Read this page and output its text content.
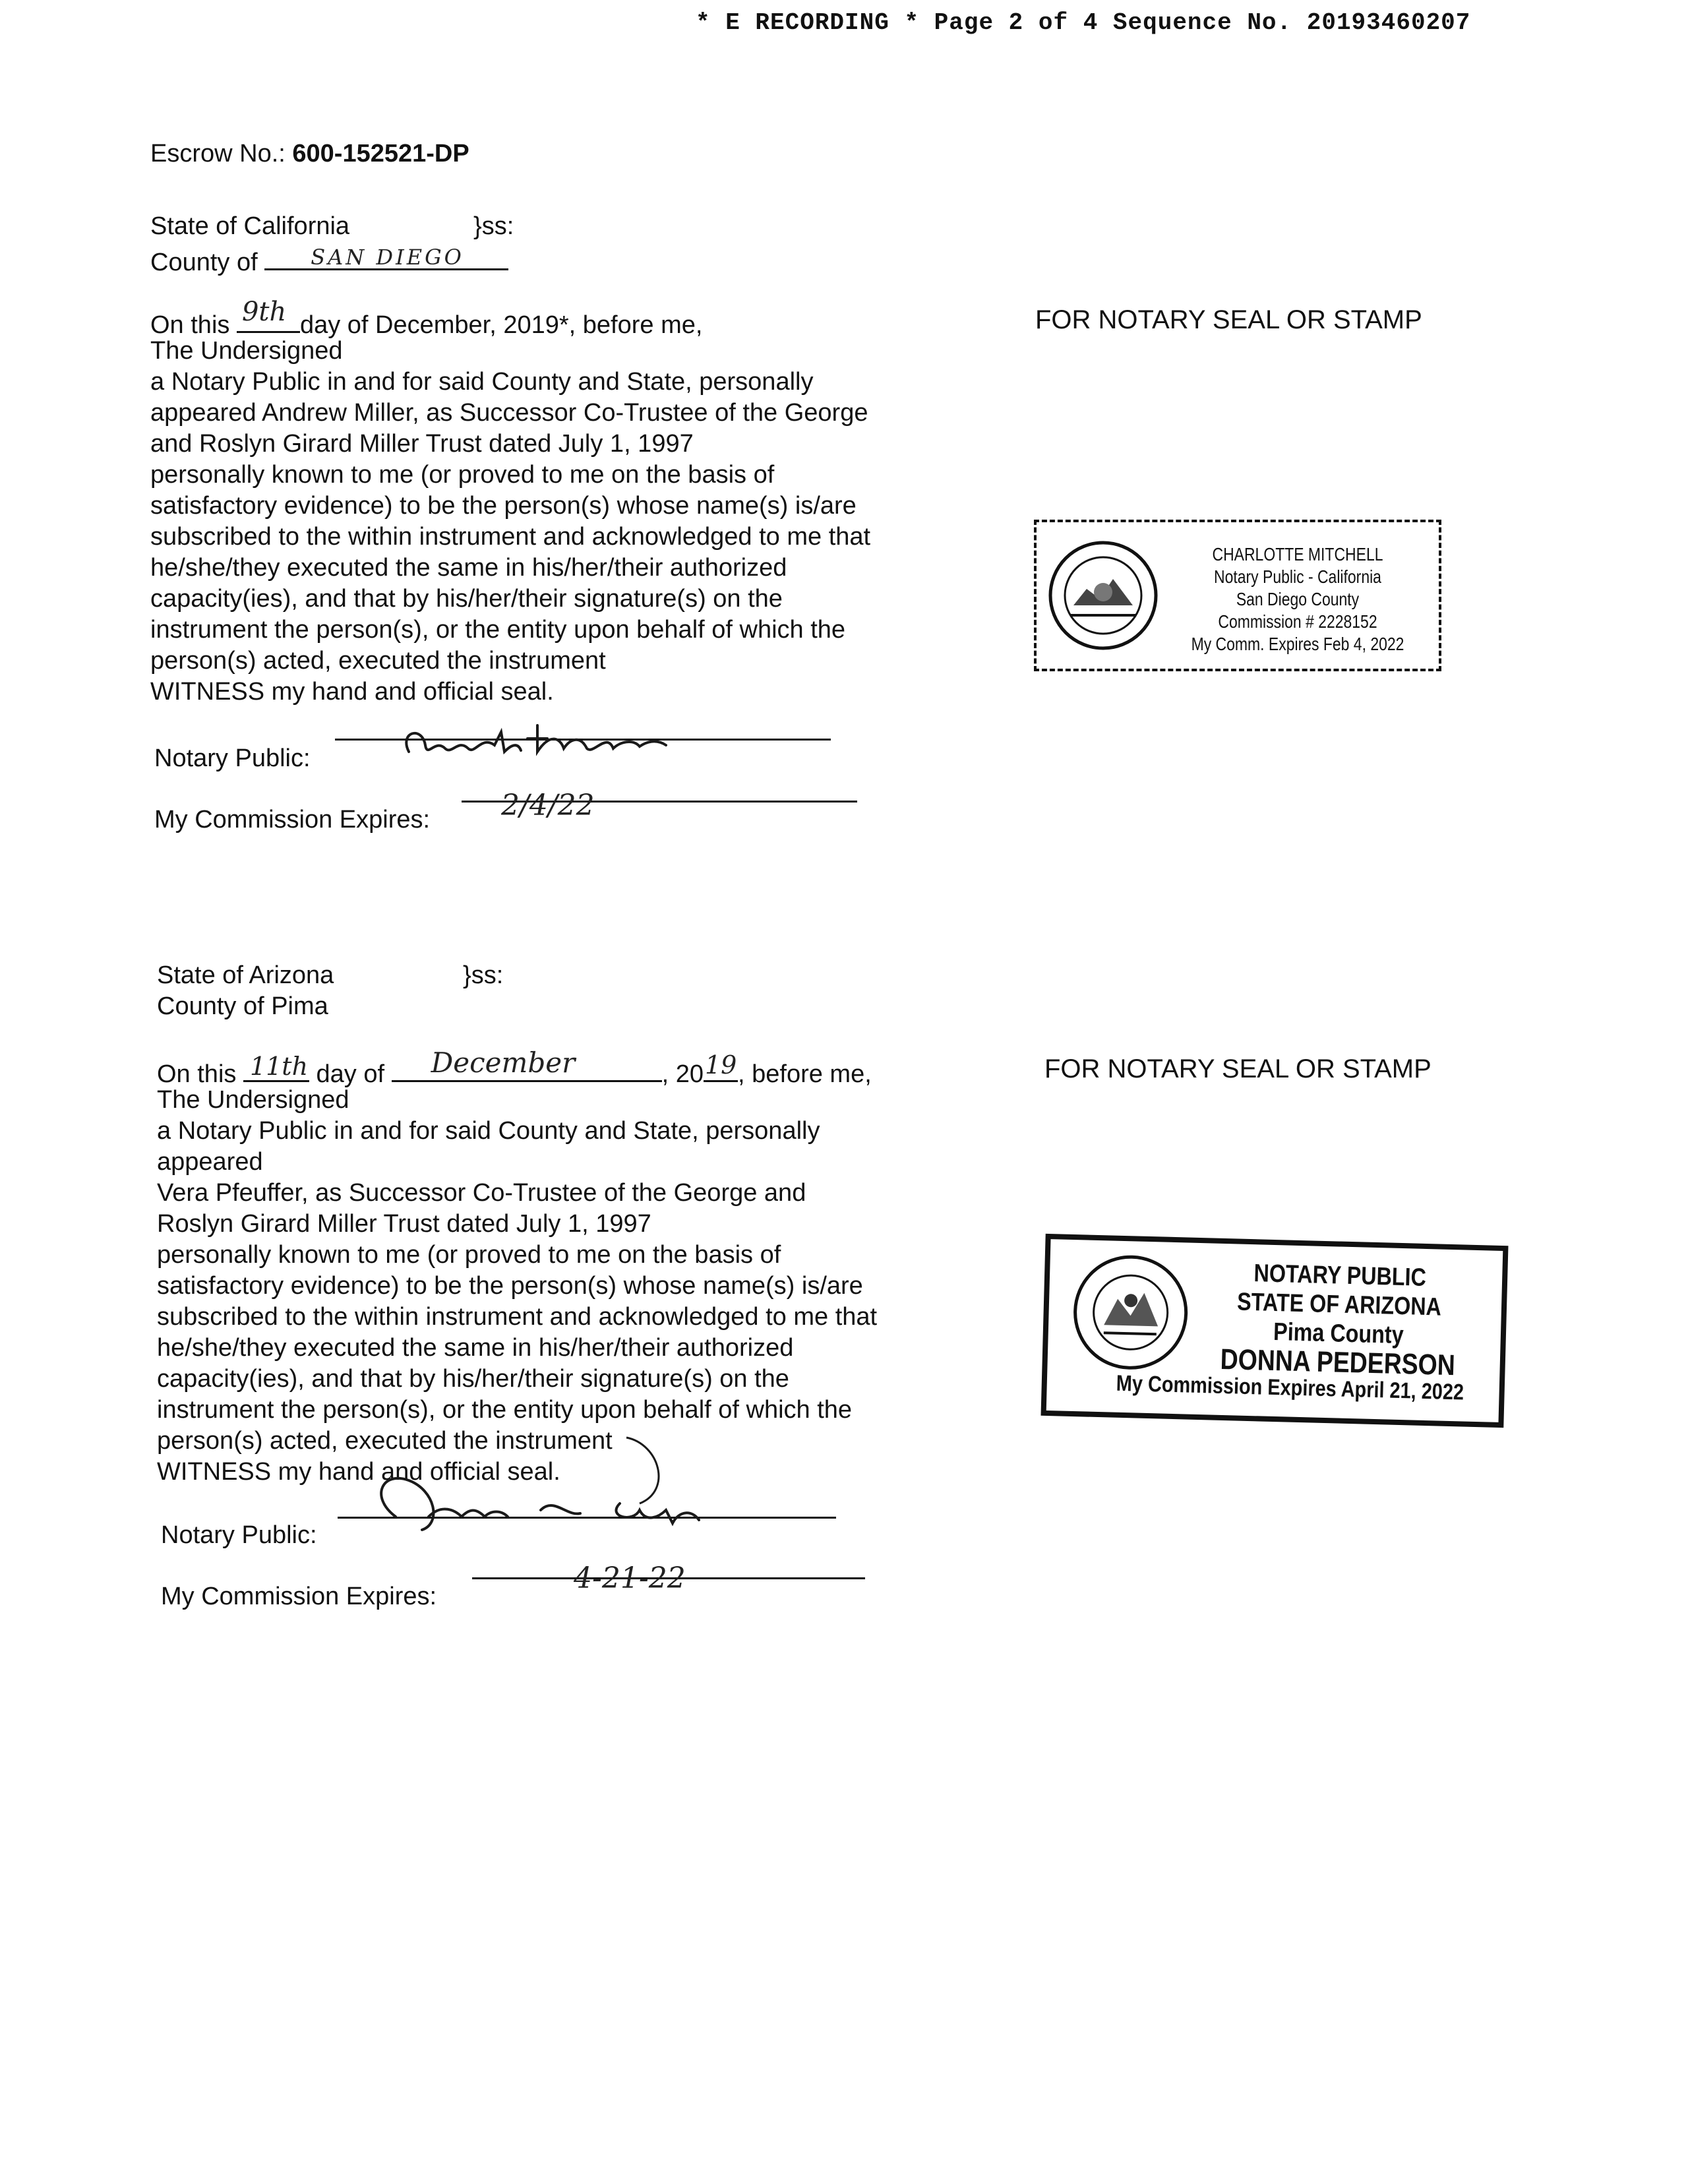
* E RECORDING * Page 2 of 4 Sequence No. 20193460207
Escrow No.: 600-152521-DP
State of California	}ss:
County of	SAN DIEGO
On this 9th day of December, 2019*, before me,
The Undersigned
a Notary Public in and for said County and State, personally
appeared Andrew Miller, as Successor Co-Trustee of the George
and Roslyn Girard Miller Trust dated July 1, 1997
personally known to me (or proved to me on the basis of
satisfactory evidence) to be the person(s) whose name(s) is/are
subscribed to the within instrument and acknowledged to me that
he/she/they executed the same in his/her/their authorized
capacity(ies), and that by his/her/their signature(s) on the
instrument the person(s), or the entity upon behalf of which the
person(s) acted, executed the instrument
WITNESS my hand and official seal.
Notary Public:
My Commission Expires: 2/4/22
FOR NOTARY SEAL OR STAMP
CHARLOTTE MITCHELL
Notary Public - California
San Diego County
Commission # 2228152
My Comm. Expires Feb 4, 2022
State of Arizona	}ss:
County of Pima
On this 11th day of December	, 20 19 , before me,
The Undersigned
a Notary Public in and for said County and State, personally
appeared
Vera Pfeuffer, as Successor Co-Trustee of the George and
Roslyn Girard Miller Trust dated July 1, 1997
personally known to me (or proved to me on the basis of
satisfactory evidence) to be the person(s) whose name(s) is/are
subscribed to the within instrument and acknowledged to me that
he/she/they executed the same in his/her/their authorized
capacity(ies), and that by his/her/their signature(s) on the
instrument the person(s), or the entity upon behalf of which the
person(s) acted, executed the instrument
WITNESS my hand and official seal.
Notary Public:
My Commission Expires:
4-21-22
FOR NOTARY SEAL OR STAMP
NOTARY PUBLIC
STATE OF ARIZONA
Pima County
DONNA PEDERSON
My Commission Expires April 21, 2022
